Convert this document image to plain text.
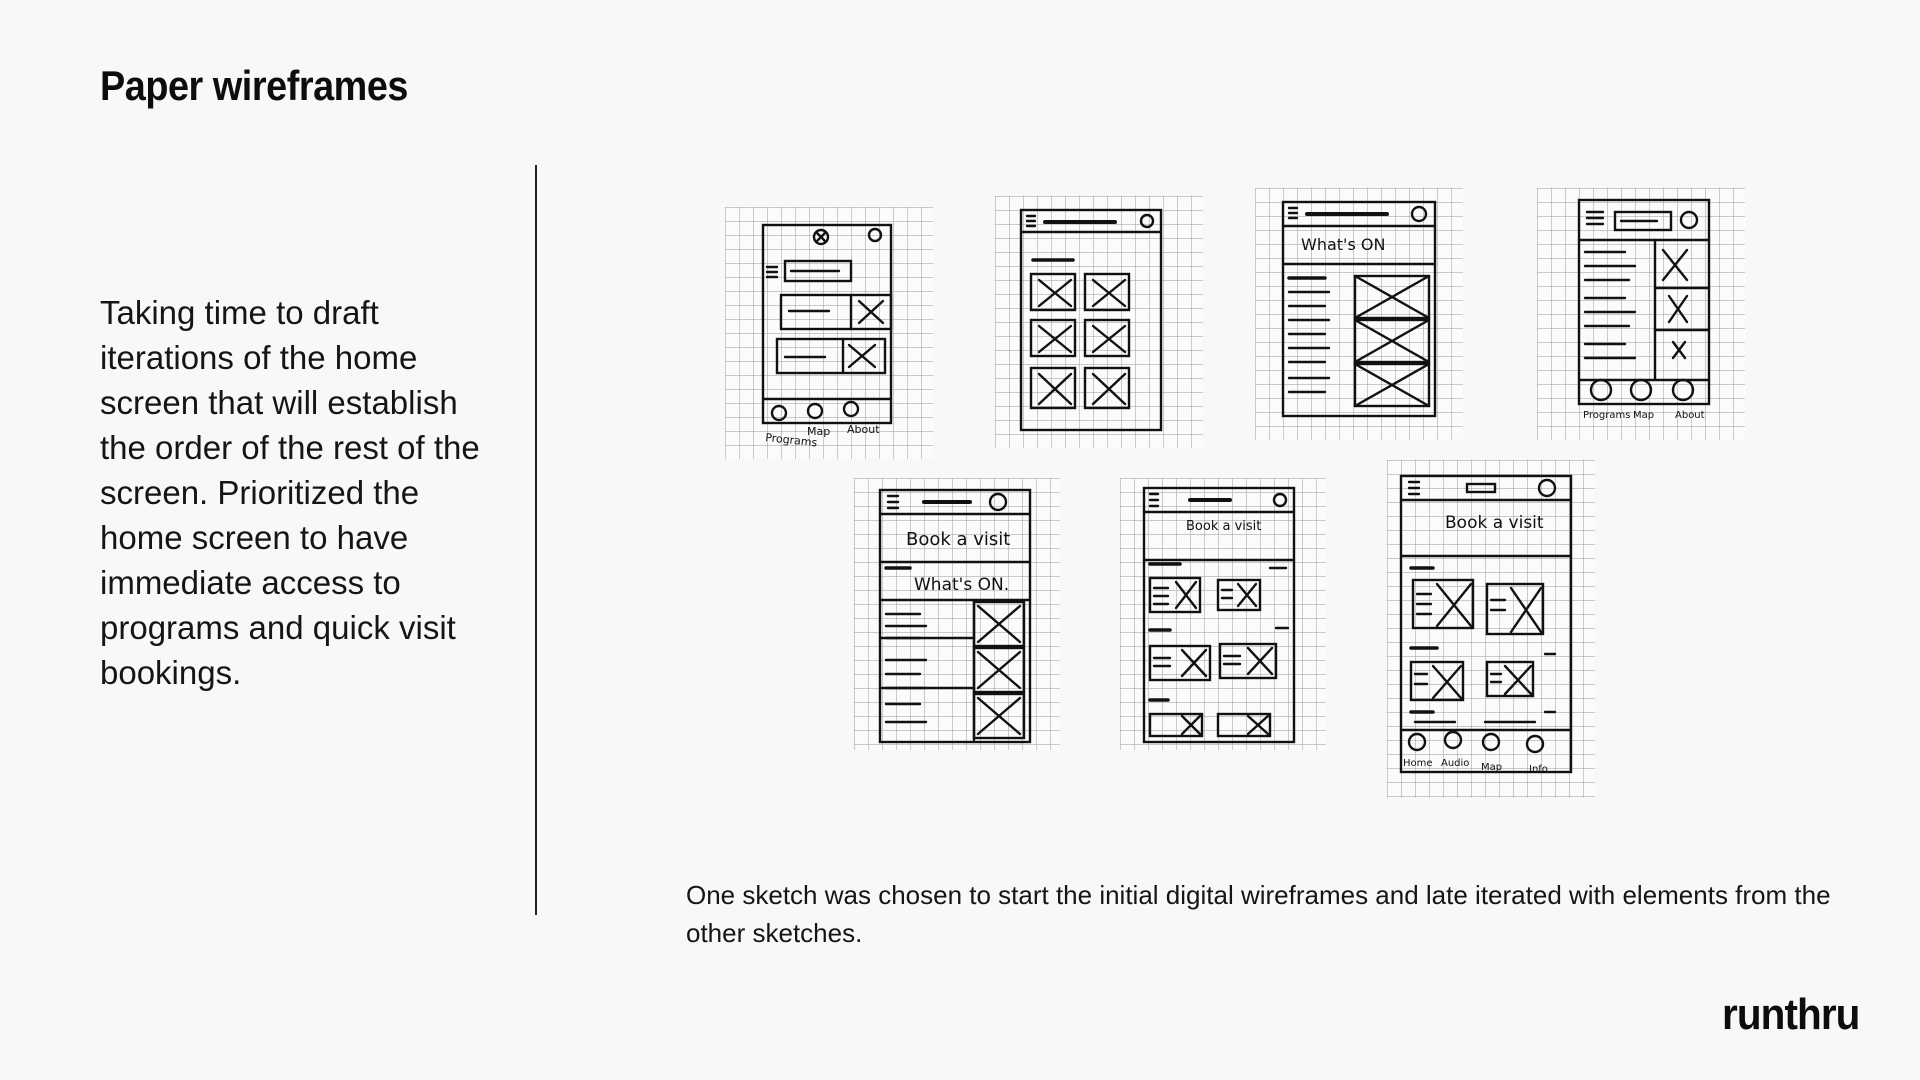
Paper wireframes

Taking time to draft iterations of the home screen that will establish the order of the rest of the screen. Prioritized the home screen to have immediate access to programs and quick visit bookings.

Programs
Map About
What's ON
Programs Map About
Book a visit
What's ON.
Book a visit	Book a visit
Home Audio Map	Info

One sketch was chosen to start the initial digital wireframes and late iterated with elements from the other sketches.

runthru
